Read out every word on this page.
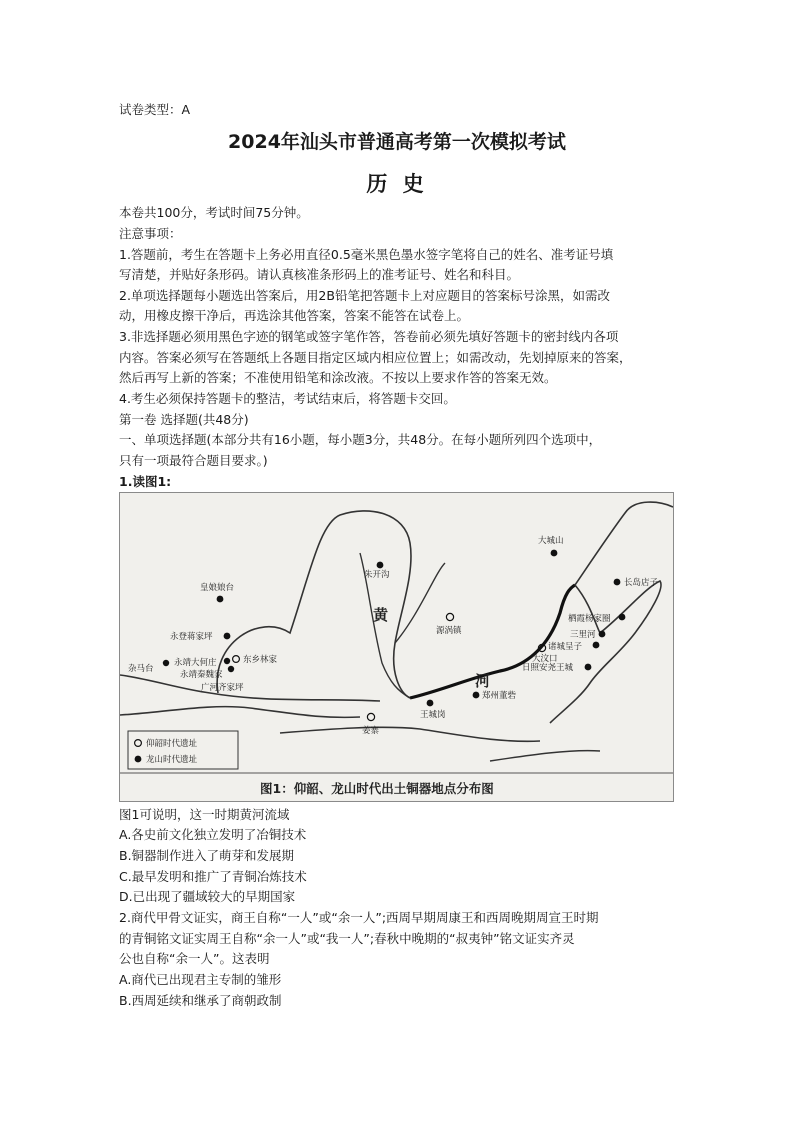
试卷类型：A
2024年汕头市普通高考第一次模拟考试
历 史
本卷共100分，考试时间75分钟。
注意事项：
1.答题前，考生在答题卡上务必用直径0.5毫米黑色墨水签字笔将自己的姓名、准考证号填
写清楚，并贴好条形码。请认真核准条形码上的准考证号、姓名和科目。
2.单项选择题每小题选出答案后，用2B铅笔把答题卡上对应题目的答案标号涂黑，如需改
动，用橡皮擦干净后，再选涂其他答案，答案不能答在试卷上。
3.非选择题必须用黑色字迹的钢笔或签字笔作答，答卷前必须先填好答题卡的密封线内各项
内容。答案必须写在答题纸上各题目指定区域内相应位置上；如需改动，先划掉原来的答案，
然后再写上新的答案；不准使用铅笔和涂改液。不按以上要求作答的答案无效。
4.考生必须保持答题卡的整洁，考试结束后，将答题卡交回。
第一卷 选择题(共48分)
一、单项选择题(本部分共有16小题，每小题3分，共48分。在每小题所列四个选项中，
只有一项最符合题目要求。)
1.读图1:
黄
河
皇娘娘台
朱开沟
永登蒋家坪
东乡林家
永靖大何庄
永靖秦魏家
广河齐家坪
杂马台
源涡镇
姜寨
郑州董砦
王城岗
大城山
长岛店子
栖霞杨家圈
三里河
诸城呈子
大汶口
日照安尧王城
仰韶时代遗址
龙山时代遗址
图1：仰韶、龙山时代出土铜器地点分布图
图1可说明，这一时期黄河流域
A.各史前文化独立发明了冶铜技术
B.铜器制作进入了萌芽和发展期
C.最早发明和推广了青铜冶炼技术
D.已出现了疆域较大的早期国家
2.商代甲骨文证实，商王自称“一人”或“余一人”;西周早期周康王和西周晚期周宣王时期
的青铜铭文证实周王自称“余一人”或“我一人”;春秋中晚期的“叔夷钟”铭文证实齐灵
公也自称“余一人”。这表明
A.商代已出现君主专制的雏形
B.西周延续和继承了商朝政制
